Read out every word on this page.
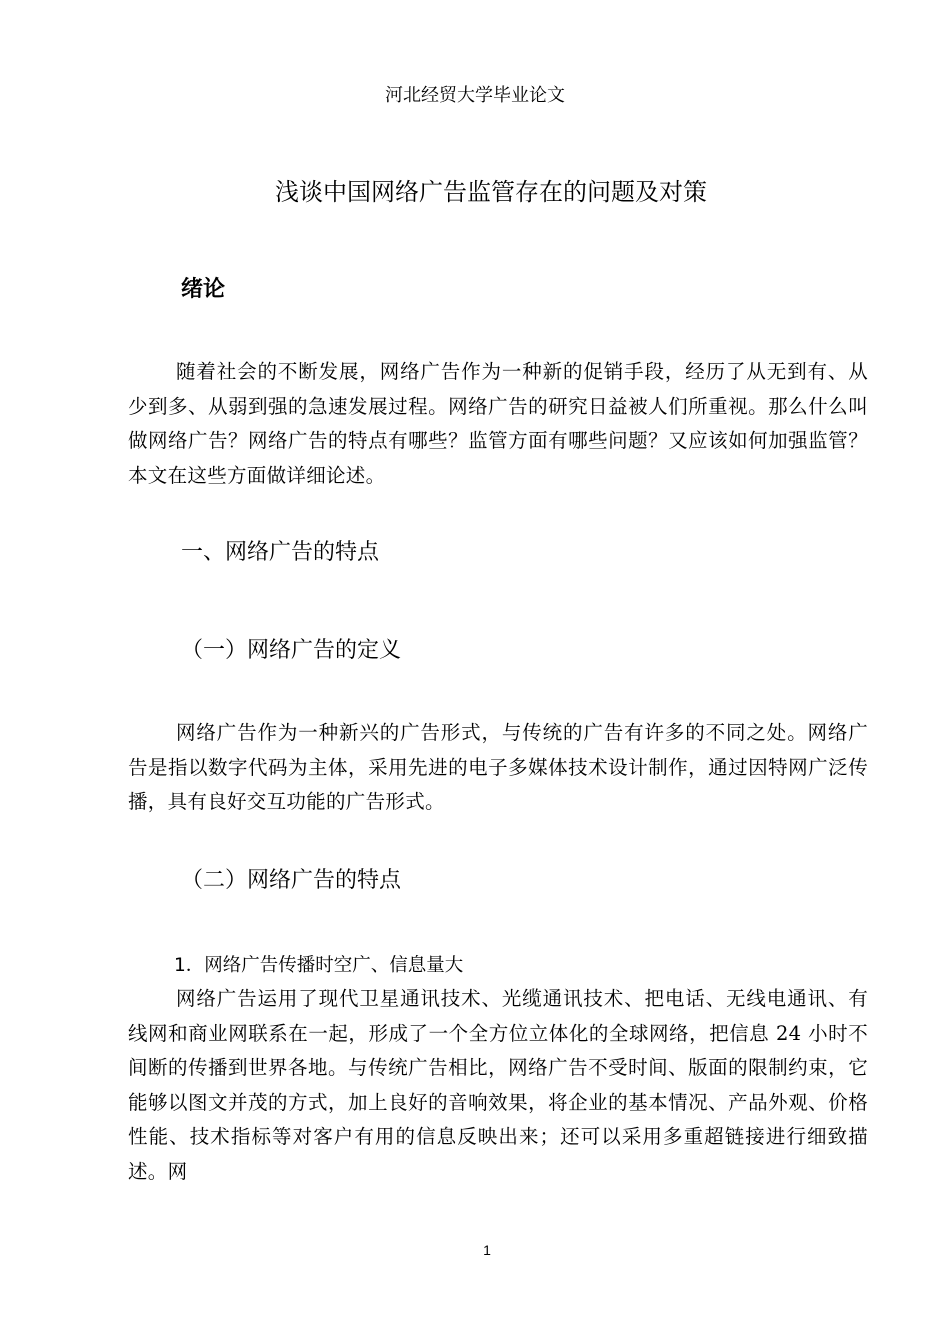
河北经贸大学毕业论文
浅谈中国网络广告监管存在的问题及对策
绪论
随着社会的不断发展，网络广告作为一种新的促销手段，经历了从无到有、从少到多、从弱到强的急速发展过程。网络广告的研究日益被人们所重视。那么什么叫做网络广告？网络广告的特点有哪些？监管方面有哪些问题？又应该如何加强监管？本文在这些方面做详细论述。
一、网络广告的特点
（一）网络广告的定义
网络广告作为一种新兴的广告形式，与传统的广告有许多的不同之处。网络广告是指以数字代码为主体，采用先进的电子多媒体技术设计制作，通过因特网广泛传播，具有良好交互功能的广告形式。
（二）网络广告的特点
1．网络广告传播时空广、信息量大
网络广告运用了现代卫星通讯技术、光缆通讯技术、把电话、无线电通讯、有线网和商业网联系在一起，形成了一个全方位立体化的全球网络，把信息 24 小时不间断的传播到世界各地。与传统广告相比，网络广告不受时间、版面的限制约束，它能够以图文并茂的方式，加上良好的音响效果，将企业的基本情况、产品外观、价格性能、技术指标等对客户有用的信息反映出来；还可以采用多重超链接进行细致描述。网
1
